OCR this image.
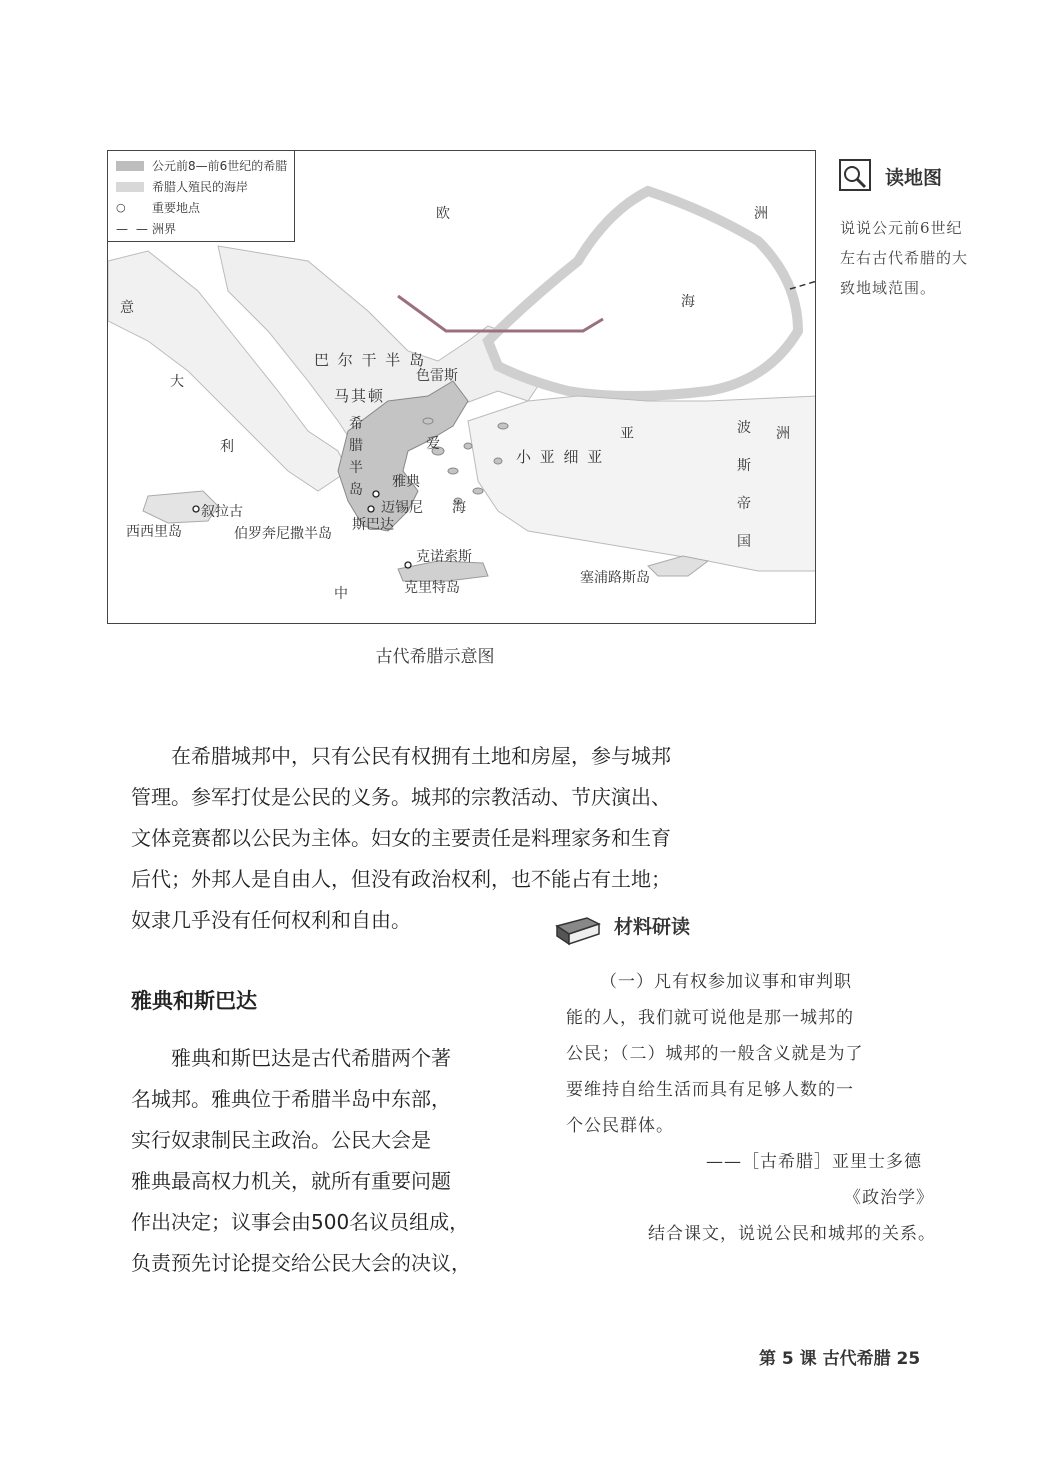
公元前8—前6世纪的希腊
希腊人殖民的海岸
○	重要地点
— — 洲界
欧	洲
海
意
大
利
巴 尔 干 半 岛
马其顿
色雷斯
希腊半岛 雅典
迈锡尼
斯巴达
爱
海
亚
小 亚 细 亚
波斯帝国
洲
叙拉古
西西里岛	伯罗奔尼撒半岛
克诺索斯
克里特岛
塞浦路斯岛
中
古代希腊示意图
读地图
说说公元前6世纪左右古代希腊的大致地域范围。
在希腊城邦中，只有公民有权拥有土地和房屋，参与城邦
管理。参军打仗是公民的义务。城邦的宗教活动、节庆演出、
文体竞赛都以公民为主体。妇女的主要责任是料理家务和生育
后代；外邦人是自由人，但没有政治权利，也不能占有土地；
奴隶几乎没有任何权利和自由。	材料研读
（一）凡有权参加议事和审判职
能的人，我们就可说他是那一城邦的
公民；（二）城邦的一般含义就是为了
要维持自给生活而具有足够人数的一
个公民群体。
——［古希腊］亚里士多德
《政治学》
结合课文，说说公民和城邦的关系。
雅典和斯巴达
雅典和斯巴达是古代希腊两个著
名城邦。雅典位于希腊半岛中东部，
实行奴隶制民主政治。公民大会是
雅典最高权力机关，就所有重要问题
作出决定；议事会由500名议员组成，
负责预先讨论提交给公民大会的决议，
第 5 课 古代希腊 25
